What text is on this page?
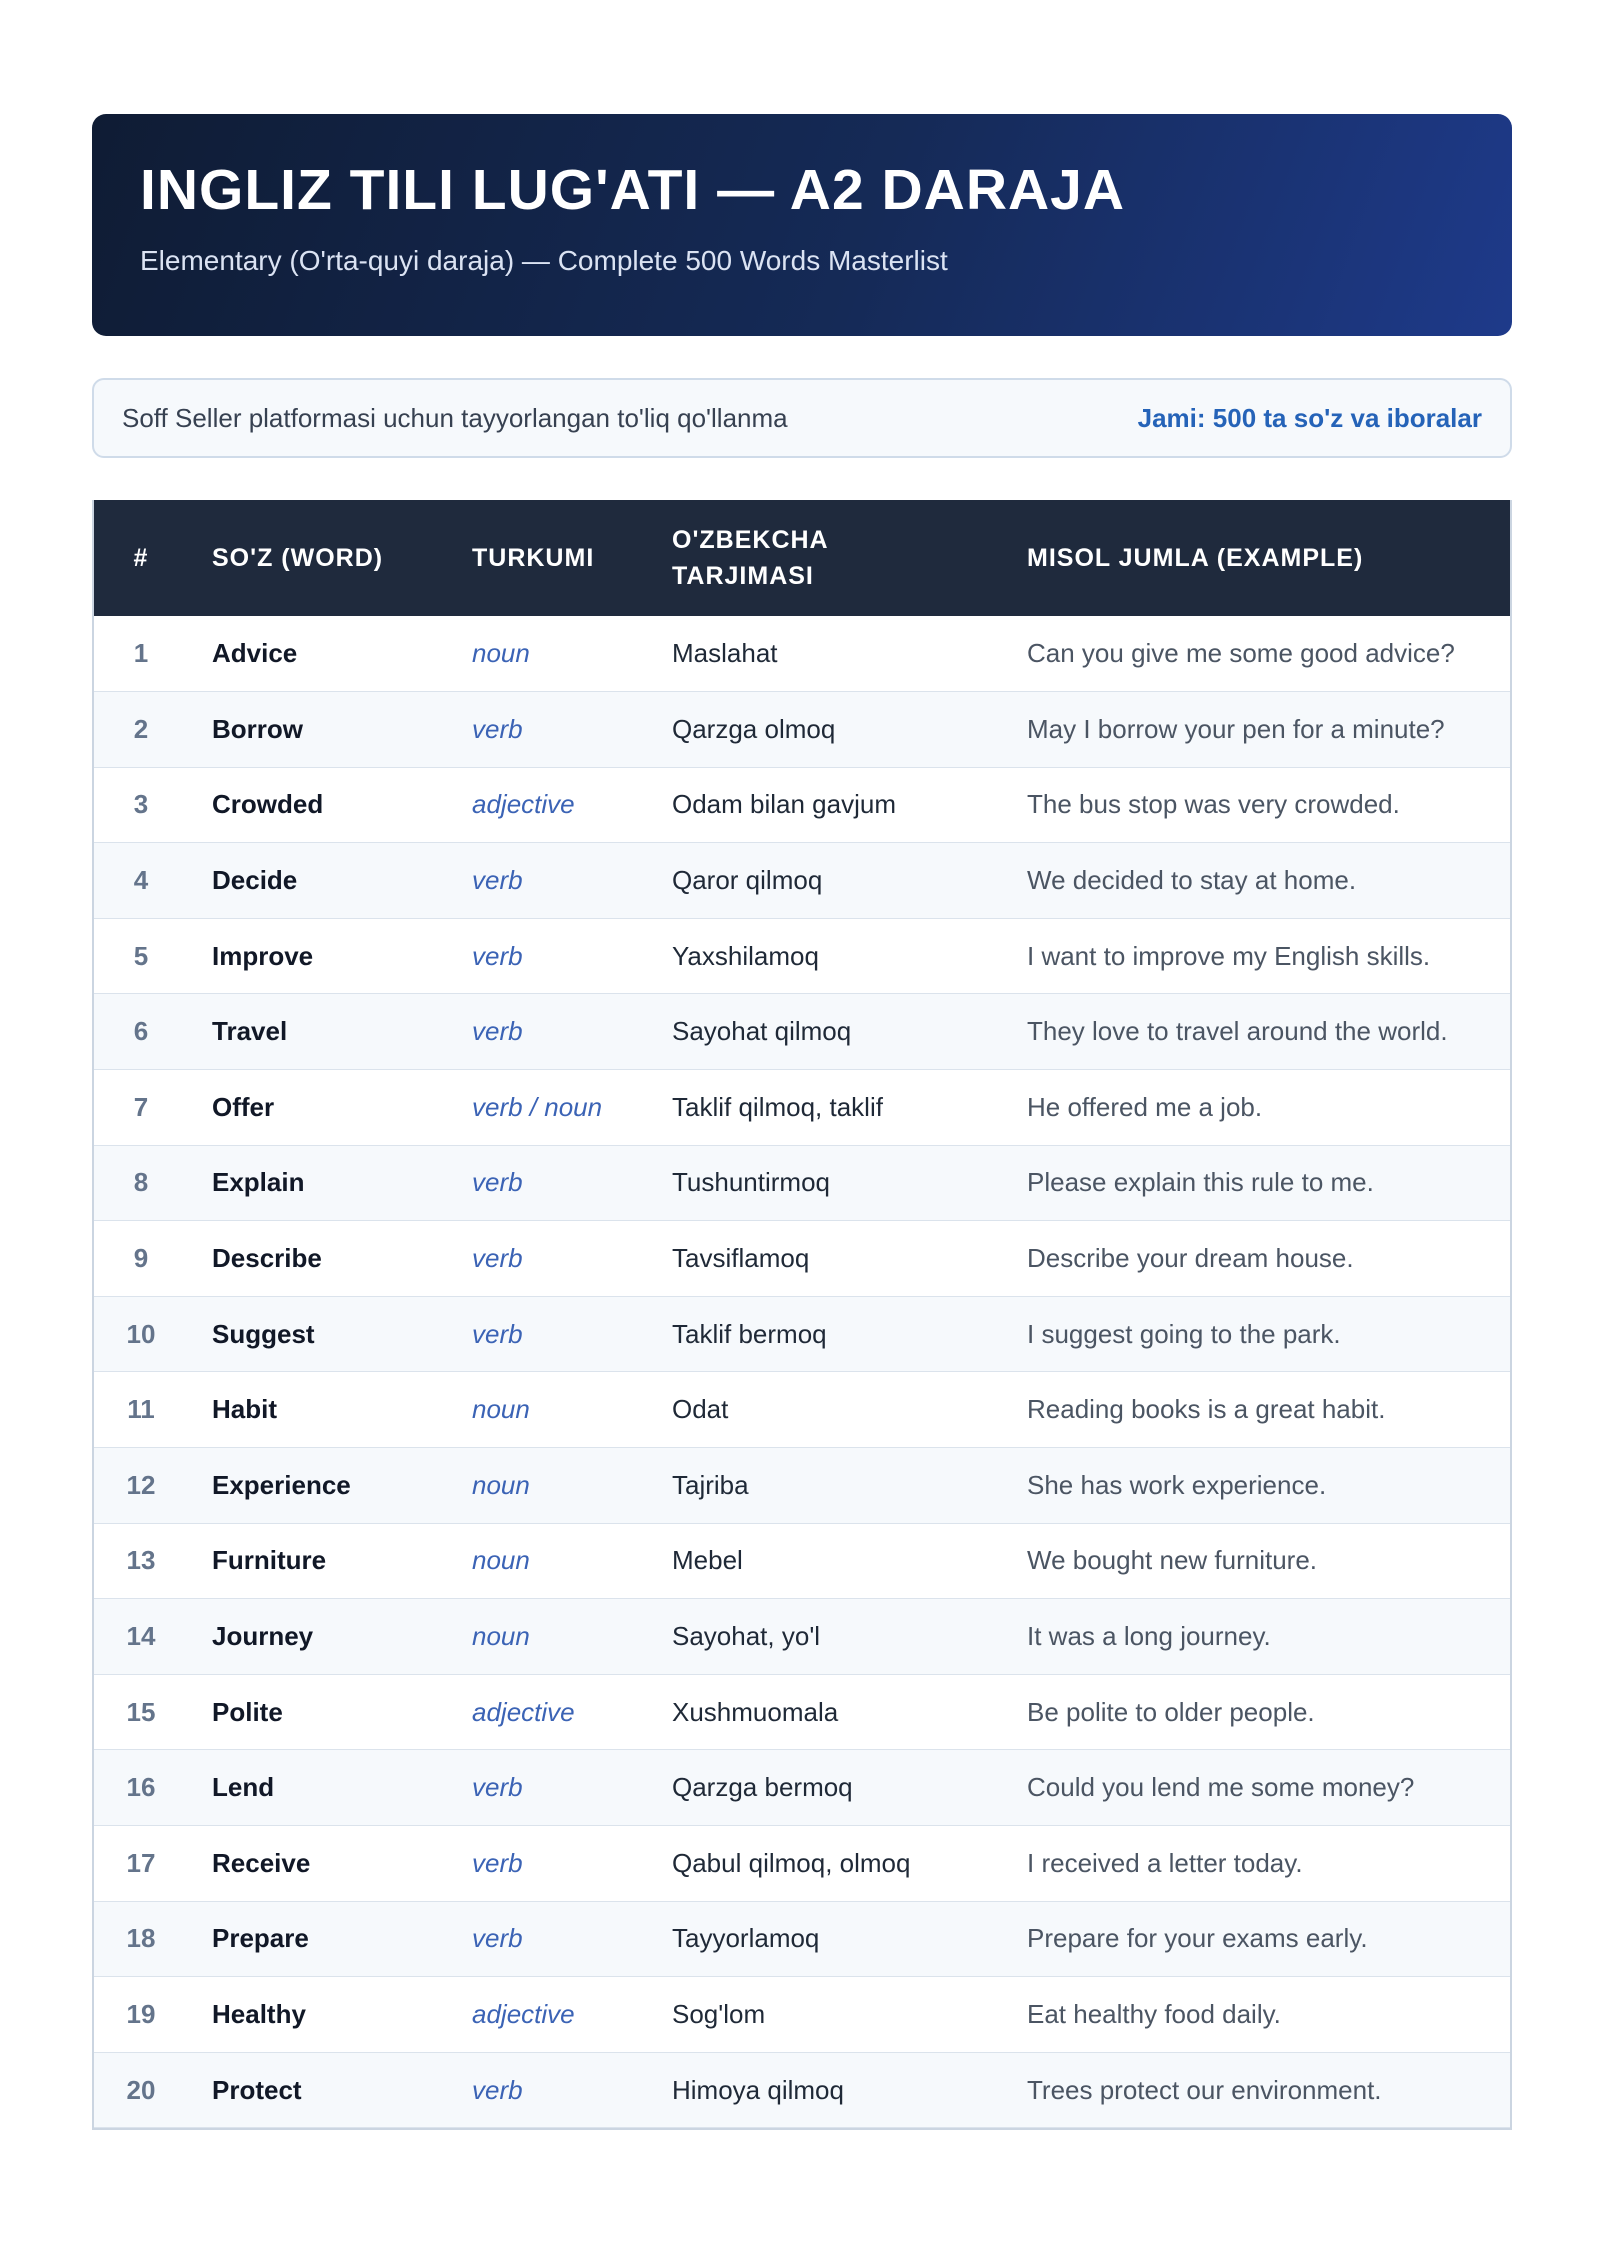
INGLIZ TILI LUG'ATI — A2 DARAJA
Elementary (O'rta-quyi daraja) — Complete 500 Words Masterlist
Soff Seller platformasi uchun tayyorlangan to'liq qo'llanma	Jami: 500 ta so'z va iboralar
#	SO'Z (WORD)	TURKUMI	O'ZBEKCHA TARJIMASI	MISOL JUMLA (EXAMPLE)
1	Advice	noun	Maslahat	Can you give me some good advice?
2	Borrow	verb	Qarzga olmoq	May I borrow your pen for a minute?
3	Crowded	adjective	Odam bilan gavjum	The bus stop was very crowded.
4	Decide	verb	Qaror qilmoq	We decided to stay at home.
5	Improve	verb	Yaxshilamoq	I want to improve my English skills.
6	Travel	verb	Sayohat qilmoq	They love to travel around the world.
7	Offer	verb / noun	Taklif qilmoq, taklif	He offered me a job.
8	Explain	verb	Tushuntirmoq	Please explain this rule to me.
9	Describe	verb	Tavsiflamoq	Describe your dream house.
10	Suggest	verb	Taklif bermoq	I suggest going to the park.
11	Habit	noun	Odat	Reading books is a great habit.
12	Experience	noun	Tajriba	She has work experience.
13	Furniture	noun	Mebel	We bought new furniture.
14	Journey	noun	Sayohat, yo'l	It was a long journey.
15	Polite	adjective	Xushmuomala	Be polite to older people.
16	Lend	verb	Qarzga bermoq	Could you lend me some money?
17	Receive	verb	Qabul qilmoq, olmoq	I received a letter today.
18	Prepare	verb	Tayyorlamoq	Prepare for your exams early.
19	Healthy	adjective	Sog'lom	Eat healthy food daily.
20	Protect	verb	Himoya qilmoq	Trees protect our environment.
